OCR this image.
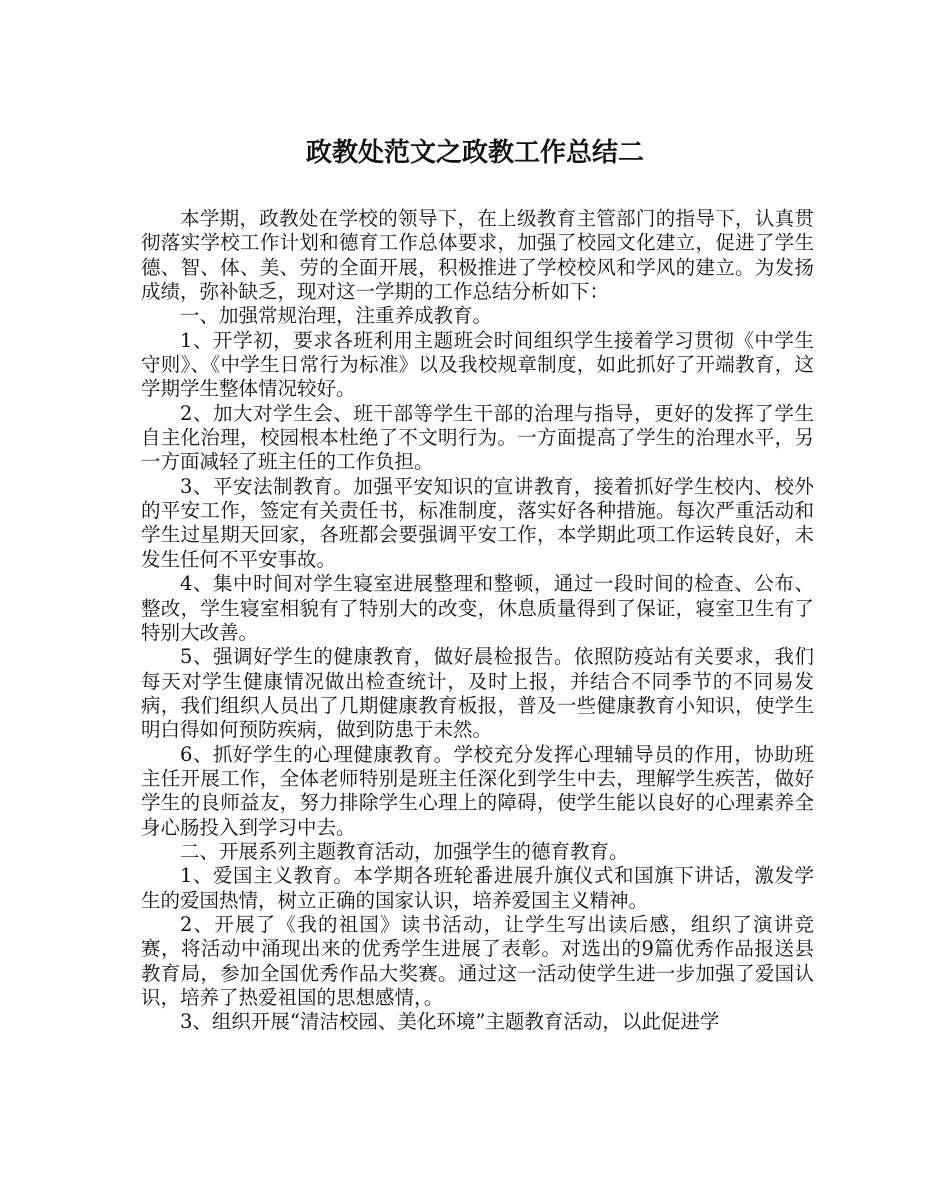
政教处范文之政教工作总结二

本学期，政教处在学校的领导下，在上级教育主管部门的指导下，认真贯彻落实学校工作计划和德育工作总体要求，加强了校园文化建立，促进了学生德、智、体、美、劳的全面开展，积极推进了学校校风和学风的建立。为发扬成绩，弥补缺乏，现对这一学期的工作总结分析如下：

一、加强常规治理，注重养成教育。

1、开学初，要求各班利用主题班会时间组织学生接着学习贯彻《中学生守则》、《中学生日常行为标准》以及我校规章制度，如此抓好了开端教育，这学期学生整体情况较好。

2、加大对学生会、班干部等学生干部的治理与指导，更好的发挥了学生自主化治理，校园根本杜绝了不文明行为。一方面提高了学生的治理水平，另一方面减轻了班主任的工作负担。

3、平安法制教育。加强平安知识的宣讲教育，接着抓好学生校内、校外的平安工作，签定有关责任书，标准制度，落实好各种措施。每次严重活动和学生过星期天回家，各班都会要强调平安工作，本学期此项工作运转良好，未发生任何不平安事故。

4、集中时间对学生寝室进展整理和整顿，通过一段时间的检查、公布、整改，学生寝室相貌有了特别大的改变，休息质量得到了保证，寝室卫生有了特别大改善。

5、强调好学生的健康教育，做好晨检报告。依照防疫站有关要求，我们每天对学生健康情况做出检查统计，及时上报，并结合不同季节的不同易发病，我们组织人员出了几期健康教育板报，普及一些健康教育小知识，使学生明白得如何预防疾病，做到防患于未然。

6、抓好学生的心理健康教育。学校充分发挥心理辅导员的作用，协助班主任开展工作，全体老师特别是班主任深化到学生中去，理解学生疾苦，做好学生的良师益友，努力排除学生心理上的障碍，使学生能以良好的心理素养全身心肠投入到学习中去。

二、开展系列主题教育活动，加强学生的德育教育。

1、爱国主义教育。本学期各班轮番进展升旗仪式和国旗下讲话，激发学生的爱国热情，树立正确的国家认识，培养爱国主义精神。

2、开展了《我的祖国》读书活动，让学生写出读后感，组织了演讲竞赛，将活动中涌现出来的优秀学生进展了表彰。对选出的9篇优秀作品报送县教育局，参加全国优秀作品大奖赛。通过这一活动使学生进一步加强了爱国认识，培养了热爱祖国的思想感情，。

3、组织开展“清洁校园、美化环境”主题教育活动，以此促进学
